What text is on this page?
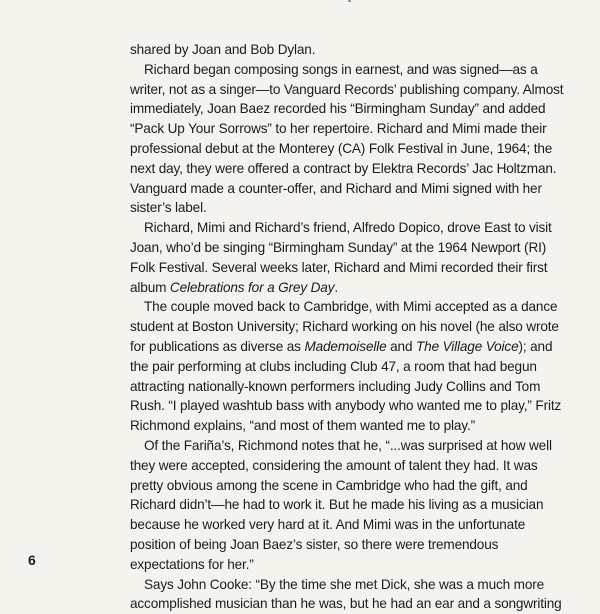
shared by Joan and Bob Dylan.
Richard began composing songs in earnest, and was signed—as a
writer, not as a singer—to Vanguard Records’ publishing company. Almost
immediately, Joan Baez recorded his “Birmingham Sunday” and added
“Pack Up Your Sorrows” to her repertoire. Richard and Mimi made their
professional debut at the Monterey (CA) Folk Festival in June, 1964; the
next day, they were offered a contract by Elektra Records’ Jac Holtzman.
Vanguard made a counter-offer, and Richard and Mimi signed with her
sister’s label.
Richard, Mimi and Richard’s friend, Alfredo Dopico, drove East to visit
Joan, who’d be singing “Birmingham Sunday” at the 1964 Newport (RI)
Folk Festival. Several weeks later, Richard and Mimi recorded their first
album Celebrations for a Grey Day.
The couple moved back to Cambridge, with Mimi accepted as a dance
student at Boston University; Richard working on his novel (he also wrote
for publications as diverse as Mademoiselle and The Village Voice); and
the pair performing at clubs including Club 47, a room that had begun
attracting nationally-known performers including Judy Collins and Tom
Rush. “I played washtub bass with anybody who wanted me to play,” Fritz
Richmond explains, “and most of them wanted me to play.”
Of the Fariña’s, Richmond notes that he, “...was surprised at how well
they were accepted, considering the amount of talent they had. It was
pretty obvious among the scene in Cambridge who had the gift, and
Richard didn’t—he had to work it. But he made his living as a musician
because he worked very hard at it. And Mimi was in the unfortunate
position of being Joan Baez’s sister, so there were tremendous
expectations for her.”
Says John Cooke: “By the time she met Dick, she was a much more
accomplished musician than he was, but he had an ear and a songwriting
6
